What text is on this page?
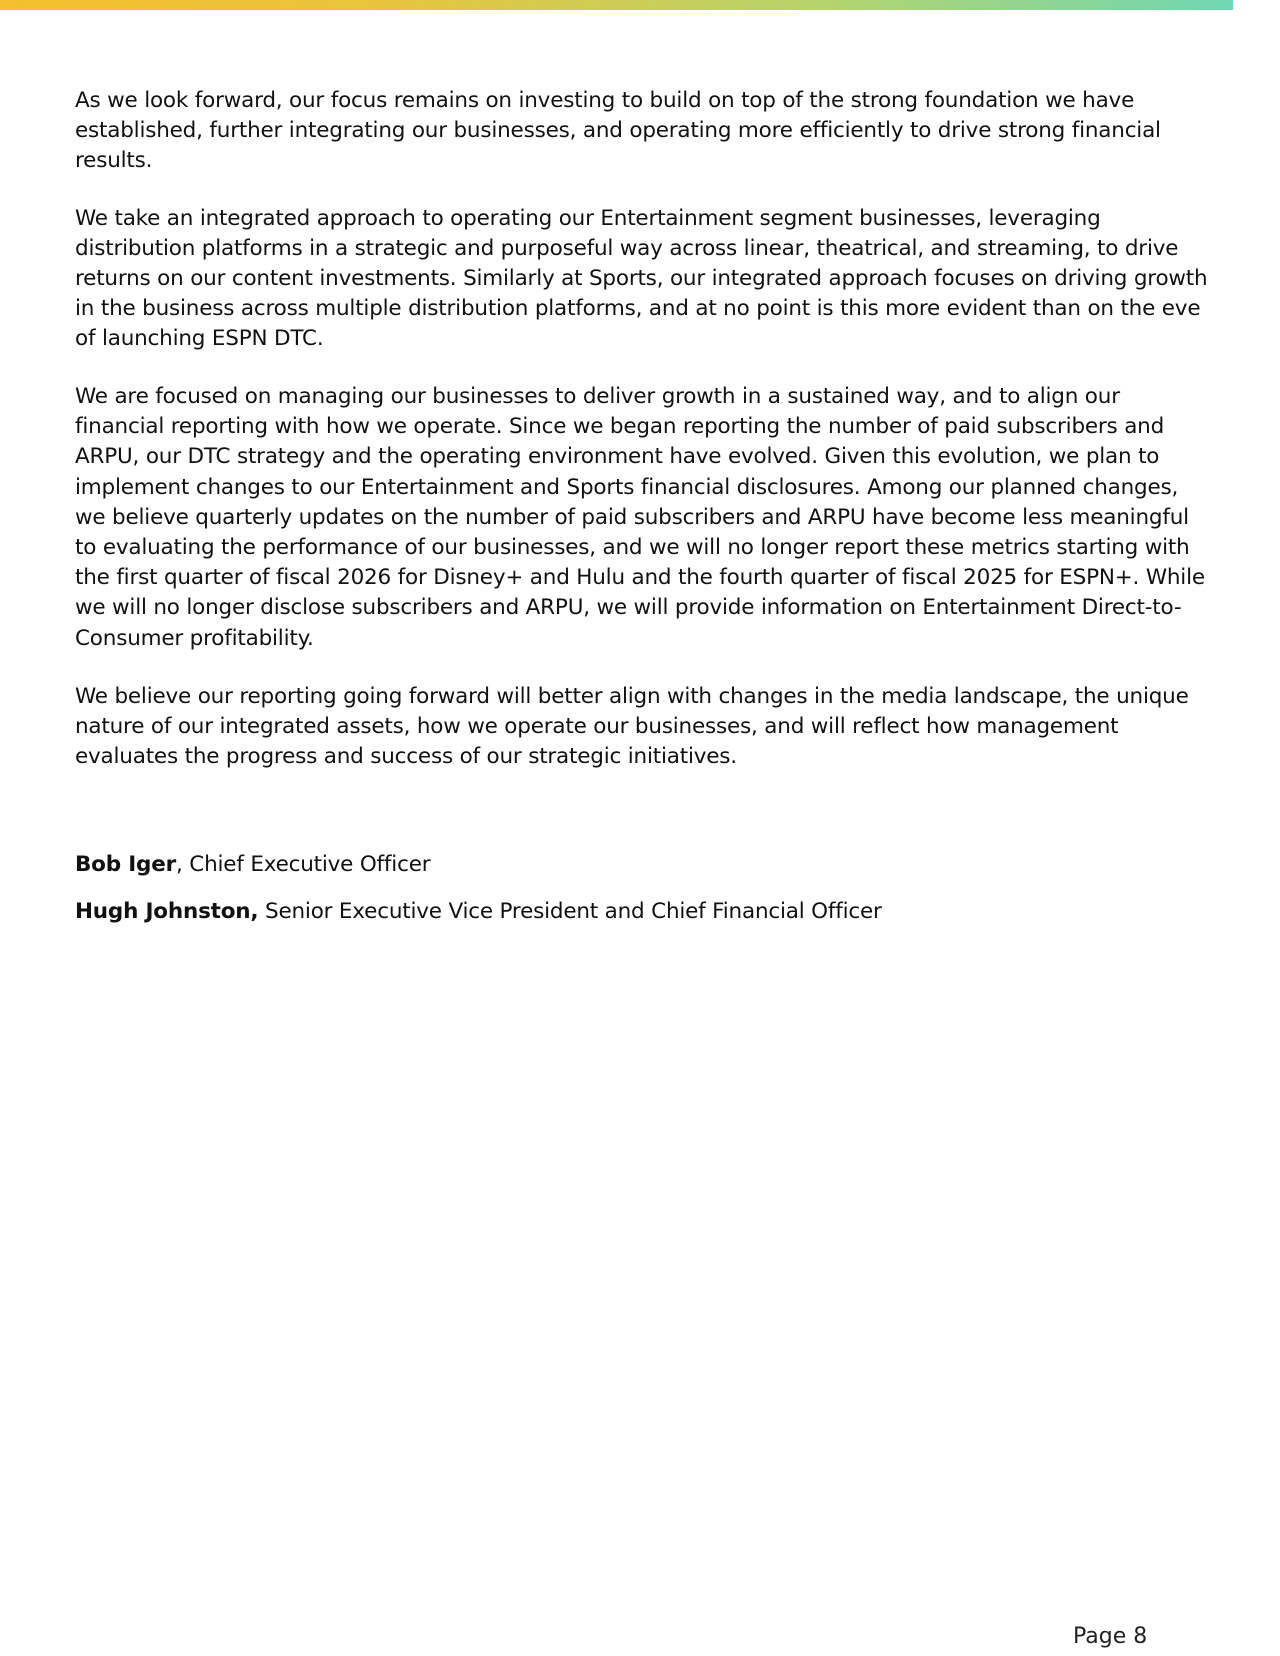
As we look forward, our focus remains on investing to build on top of the strong foundation we have established, further integrating our businesses, and operating more efficiently to drive strong financial results.

We take an integrated approach to operating our Entertainment segment businesses, leveraging distribution platforms in a strategic and purposeful way across linear, theatrical, and streaming, to drive returns on our content investments. Similarly at Sports, our integrated approach focuses on driving growth in the business across multiple distribution platforms, and at no point is this more evident than on the eve of launching ESPN DTC.

We are focused on managing our businesses to deliver growth in a sustained way, and to align our financial reporting with how we operate. Since we began reporting the number of paid subscribers and ARPU, our DTC strategy and the operating environment have evolved. Given this evolution, we plan to implement changes to our Entertainment and Sports financial disclosures. Among our planned changes, we believe quarterly updates on the number of paid subscribers and ARPU have become less meaningful to evaluating the performance of our businesses, and we will no longer report these metrics starting with the first quarter of fiscal 2026 for Disney+ and Hulu and the fourth quarter of fiscal 2025 for ESPN+. While we will no longer disclose subscribers and ARPU, we will provide information on Entertainment Direct-to-Consumer profitability.

We believe our reporting going forward will better align with changes in the media landscape, the unique nature of our integrated assets, how we operate our businesses, and will reflect how management evaluates the progress and success of our strategic initiatives.

Bob Iger, Chief Executive Officer

Hugh Johnston, Senior Executive Vice President and Chief Financial Officer

Page 8
